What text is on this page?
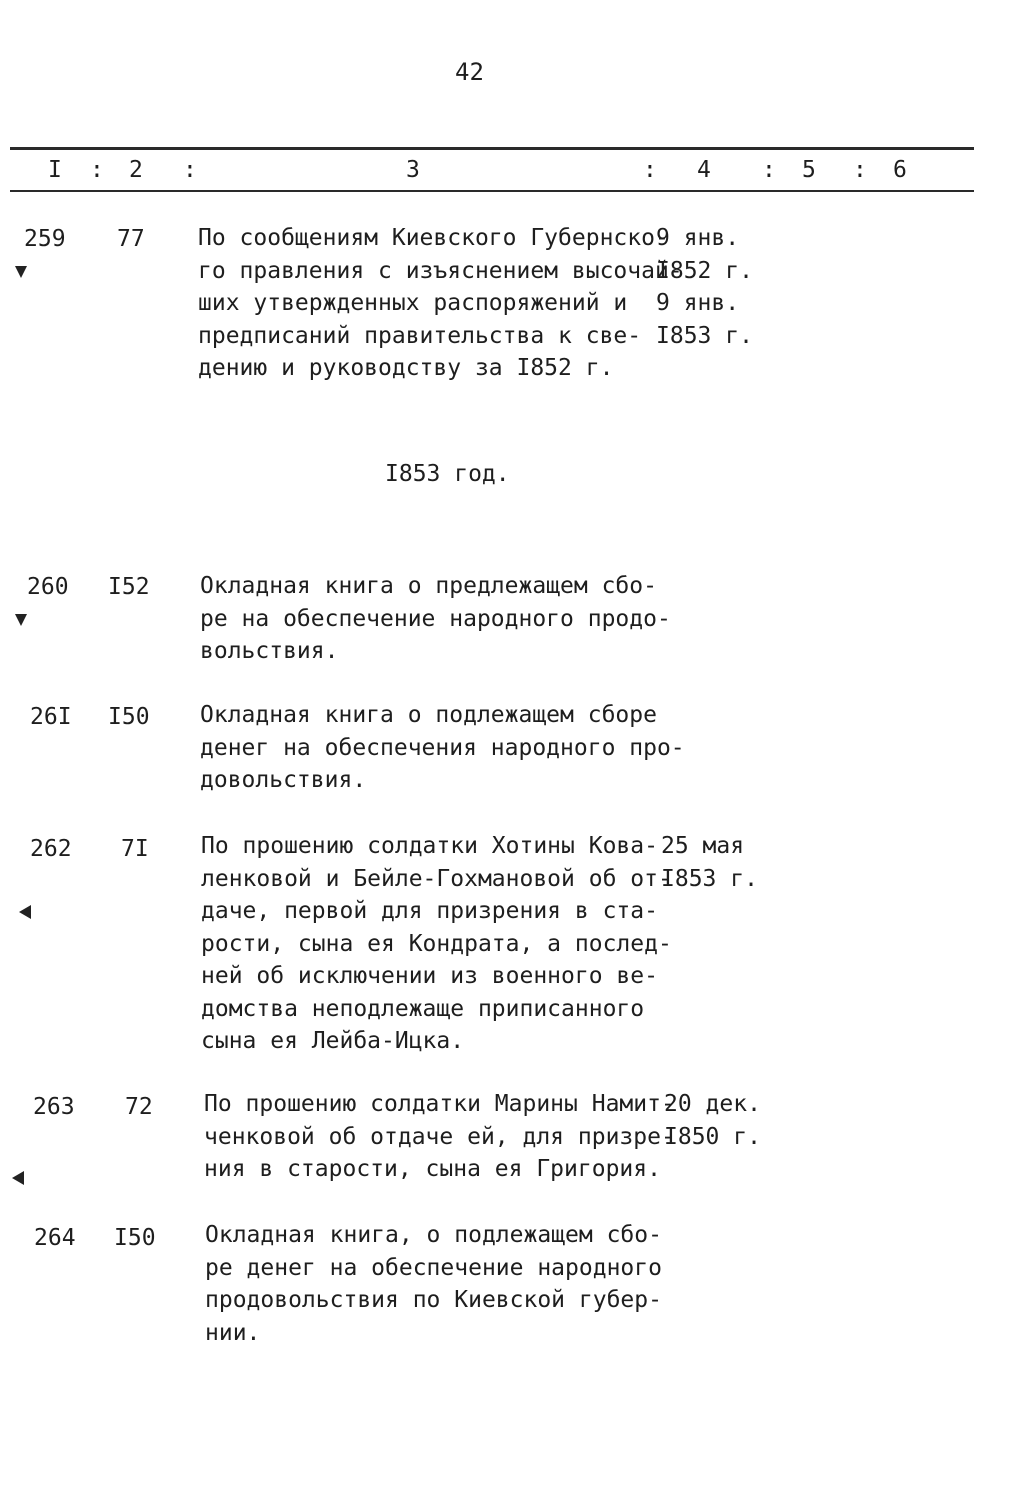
42
I : 2 :	3	: 4 : 5 : 6
259 77 По сообщениям Киевского Губернско-
го правления с изъяснением высочай-
ших утвержденных распоряжений и
предписаний правительства к све-
дению и руководству за I852 г.
9 янв.
I852 г.
9 янв.
I853 г.
I853 год.
260 I52 Окладная книга о предлежащем сбо-
ре на обеспечение народного продо-
вольствия.
26I I50 Окладная книга о подлежащем сборе
денег на обеспечения народного про-
довольствия.
262 7I По прошению солдатки Хотины Кова-
ленковой и Бейле-Гохмановой об от-
даче, первой для призрения в ста-
рости, сына ея Кондрата, а послед-
ней об исключении из военного ве-
домства неподлежаще приписанного
сына ея Лейба-Ицка.
25 мая
I853 г.
263 72 По прошению солдатки Марины Намит-
ченковой об отдаче ей, для призре-
ния в старости, сына ея Григория.
20 дек.
I850 г.
264 I50 Окладная книга, о подлежащем сбо-
ре денег на обеспечение народного
продовольствия по Киевской губер-
нии.
